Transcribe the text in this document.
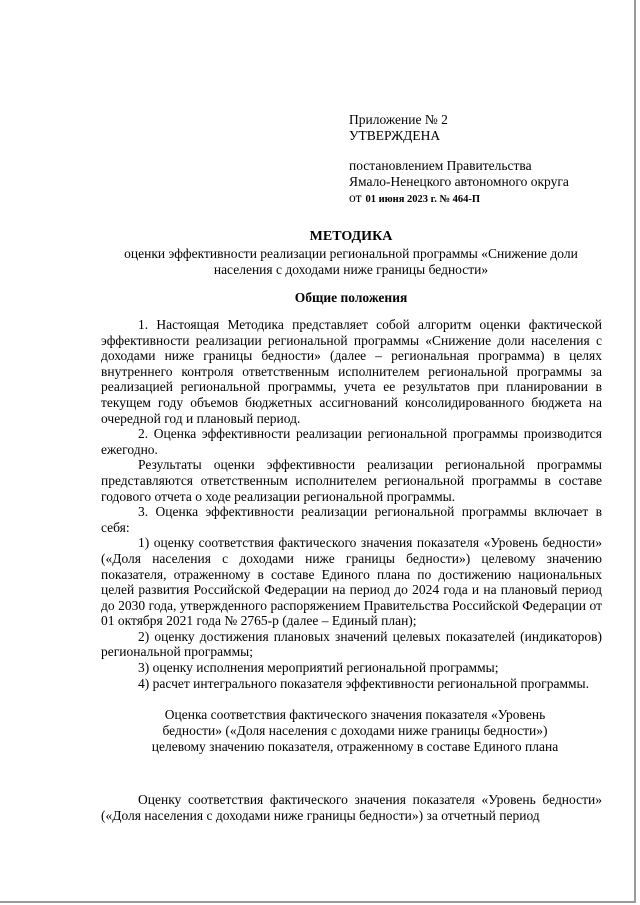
Приложение № 2
УТВЕРЖДЕНА
постановлением Правительства
Ямало-Ненецкого автономного округа
от 01 июня 2023 г. № 464-П
МЕТОДИКА
оценки эффективности реализации региональной программы «Снижение доли населения с доходами ниже границы бедности»
Общие положения

1. Настоящая Методика представляет собой алгоритм оценки фактической эффективности реализации региональной программы «Снижение доли населения с доходами ниже границы бедности» (далее – региональная программа) в целях внутреннего контроля ответственным исполнителем региональной программы за реализацией региональной программы, учета ее результатов при планировании в текущем году объемов бюджетных ассигнований консолидированного бюджета на очередной год и плановый период.

2. Оценка эффективности реализации региональной программы производится ежегодно.

Результаты оценки эффективности реализации региональной программы представляются ответственным исполнителем региональной программы в составе годового отчета о ходе реализации региональной программы.

3. Оценка эффективности реализации региональной программы включает в себя:

1) оценку соответствия фактического значения показателя «Уровень бедности» («Доля населения с доходами ниже границы бедности») целевому значению показателя, отраженному в составе Единого плана по достижению национальных целей развития Российской Федерации на период до 2024 года и на плановый период до 2030 года, утвержденного распоряжением Правительства Российской Федерации от 01 октября 2021 года № 2765-р (далее – Единый план);

2) оценку достижения плановых значений целевых показателей (индикаторов) региональной программы;

3) оценку исполнения мероприятий региональной программы;

4) расчет интегрального показателя эффективности региональной программы.

Оценка соответствия фактического значения показателя «Уровень бедности» («Доля населения с доходами ниже границы бедности») целевому значению показателя, отраженному в составе Единого плана
Оценку соответствия фактического значения показателя «Уровень бедности» («Доля населения с доходами ниже границы бедности») за отчетный период
